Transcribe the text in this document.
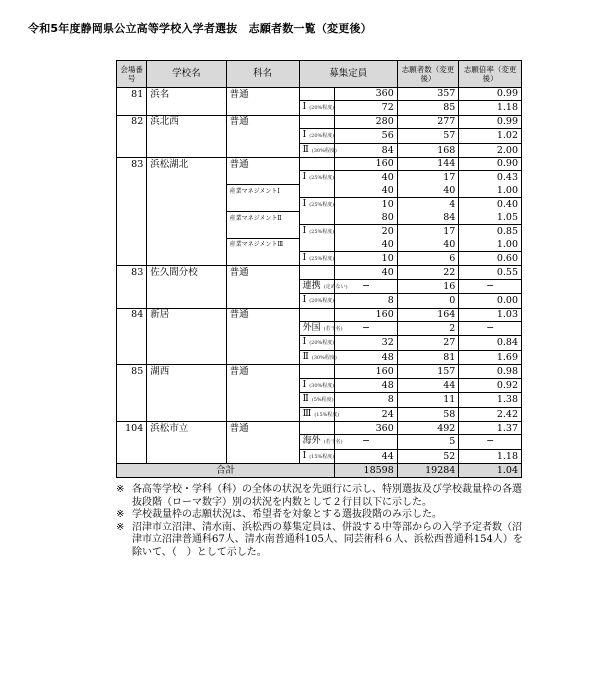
令和5年度静岡県公立高等学校入学者選抜　志願者数一覧（変更後）
会場番号	学校名	科名	募集定員		志願者数（変更後）	志願倍率（変更後）
81	浜名	普通		360	357	0.99
			Ⅰ (20%程度)	72	85	1.18
82	浜北西	普通		280	277	0.99
			Ⅰ (20%程度)	56	57	1.02
			Ⅱ (30%程度)	84	168	2.00
83	浜松湖北	普通		160	144	0.90
			Ⅰ (25%程度)	40	17	0.43
		産業マネジメントⅠ		40	40	1.00
			Ⅰ (25%程度)	10	4	0.40
		産業マネジメントⅡ		80	84	1.05
			Ⅰ (25%程度)	20	17	0.85
		産業マネジメントⅢ		40	40	1.00
			Ⅰ (25%程度)	10	6	0.60
83	佐久間分校	普通		40	22	0.55
			連携 (定めない)	─	16	─
			Ⅰ (20%程度)	8	0	0.00
84	新居	普通		160	164	1.03
			外国 (若干名)	─	2	─
			Ⅰ (20%程度)	32	27	0.84
			Ⅱ (30%程度)	48	81	1.69
85	湖西	普通		160	157	0.98
			Ⅰ (30%程度)	48	44	0.92
			Ⅱ (5%程度)	8	11	1.38
			Ⅲ (15%程度)	24	58	2.42
104	浜松市立	普通		360	492	1.37
			海外 (若干名)	─	5	─
			Ⅰ (15%程度)	44	52	1.18
合計				18598	19284	1.04
※ 各高等学校・学科（科）の全体の状況を先頭行に示し、特別選抜及び学校裁量枠の各選抜段階（ローマ数字）別の状況を内数として２行目以下に示した。
※ 学校裁量枠の志願状況は、希望者を対象とする選抜段階のみ示した。
※ 沼津市立沼津、清水南、浜松西の募集定員は、併設する中等部からの入学予定者数（沼津市立沼津普通科67人、清水南普通科105人、同芸術科６人、浜松西普通科154人）を除いて、（　）として示した。
